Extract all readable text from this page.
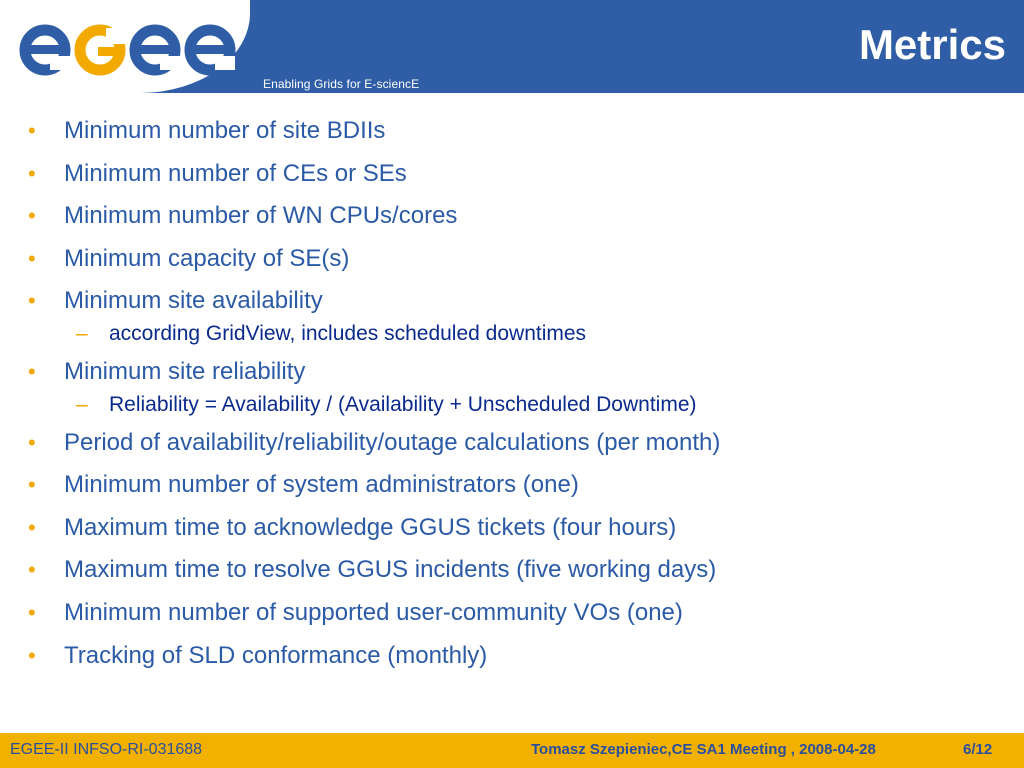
Enabling Grids for E-sciencE
Metrics
• Minimum number of site BDIIs
• Minimum number of CEs or SEs
• Minimum number of WN CPUs/cores
• Minimum capacity of SE(s)
• Minimum site availability
– according GridView, includes scheduled downtimes
• Minimum site reliability
– Reliability = Availability / (Availability + Unscheduled Downtime)
• Period of availability/reliability/outage calculations (per month)
• Minimum number of system administrators (one)
• Maximum time to acknowledge GGUS tickets (four hours)
• Maximum time to resolve GGUS incidents (five working days)
• Minimum number of supported user-community VOs (one)
• Tracking of SLD conformance (monthly)
EGEE-II INFSO-RI-031688	Tomasz Szepieniec,CE SA1 Meeting , 2008-04-28	6/12
